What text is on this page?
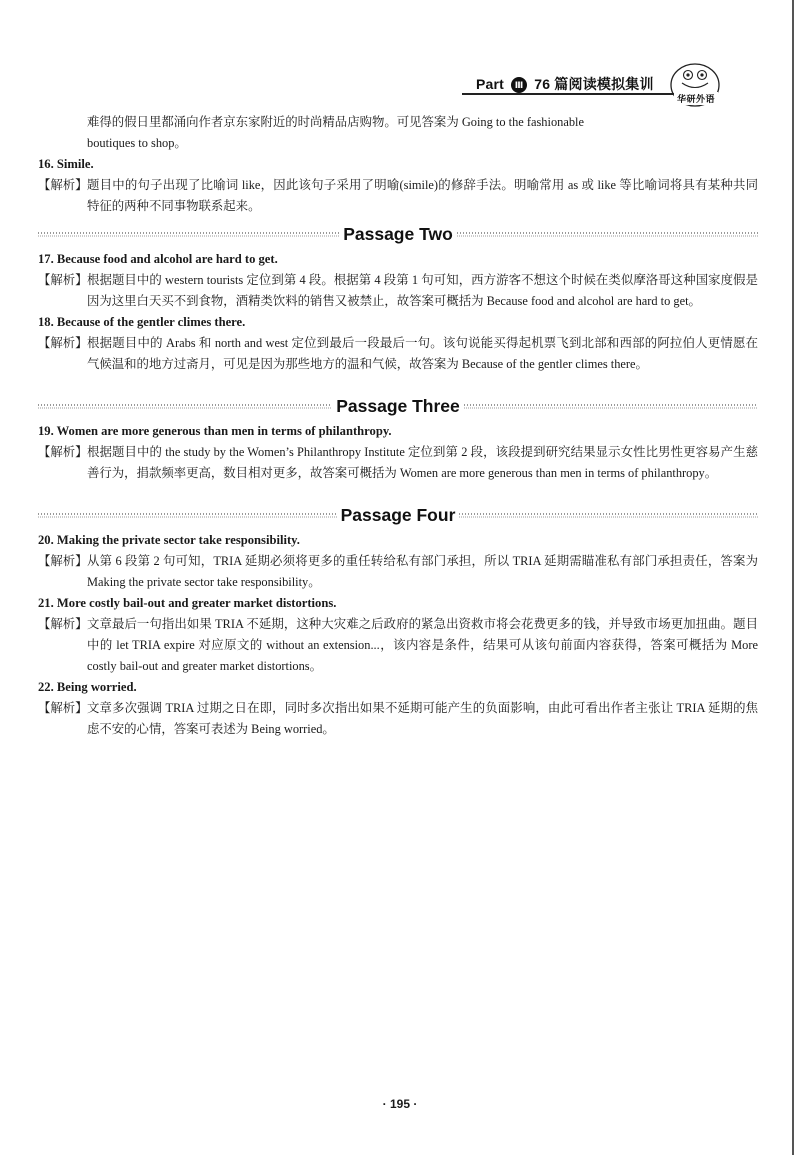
Part Ⅲ 76 篇阅读模拟集训
华研外语
难得的假日里都涌向作者京东家附近的时尚精品店购物。可见答案为 Going to the fashionable
boutiques to shop。
16. Simile.
【解析】 题目中的句子出现了比喻词 like，因此该句子采用了明喻(simile)的修辞手法。明喻常用 as 或 like 等比喻词将具有某种共同特征的两种不同事物联系起来。
Passage Two
17. Because food and alcohol are hard to get.
【解析】 根据题目中的 western tourists 定位到第 4 段。根据第 4 段第 1 句可知，西方游客不想这个时候在类似摩洛哥这种国家度假是因为这里白天买不到食物，酒精类饮料的销售又被禁止，故答案可概括为 Because food and alcohol are hard to get。
18. Because of the gentler climes there.
【解析】 根据题目中的 Arabs 和 north and west 定位到最后一段最后一句。该句说能买得起机票飞到北部和西部的阿拉伯人更情愿在气候温和的地方过斋月，可见是因为那些地方的温和气候，故答案为 Because of the gentler climes there。
Passage Three
19. Women are more generous than men in terms of philanthropy.
【解析】 根据题目中的 the study by the Women’s Philanthropy Institute 定位到第 2 段，该段提到研究结果显示女性比男性更容易产生慈善行为，捐款频率更高，数目相对更多，故答案可概括为 Women are more generous than men in terms of philanthropy。
Passage Four
20. Making the private sector take responsibility.
【解析】 从第 6 段第 2 句可知，TRIA 延期必须将更多的重任转给私有部门承担，所以 TRIA 延期需瞄准私有部门承担责任，答案为 Making the private sector take responsibility。
21. More costly bail-out and greater market distortions.
【解析】 文章最后一句指出如果 TRIA 不延期，这种大灾难之后政府的紧急出资救市将会花费更多的钱，并导致市场更加扭曲。题目中的 let TRIA expire 对应原文的 without an extension...，该内容是条件，结果可从该句前面内容获得，答案可概括为 More costly bail-out and greater market distortions。
22. Being worried.
【解析】 文章多次强调 TRIA 过期之日在即，同时多次指出如果不延期可能产生的负面影响，由此可看出作者主张让 TRIA 延期的焦虑不安的心情，答案可表述为 Being worried。
· 195 ·
